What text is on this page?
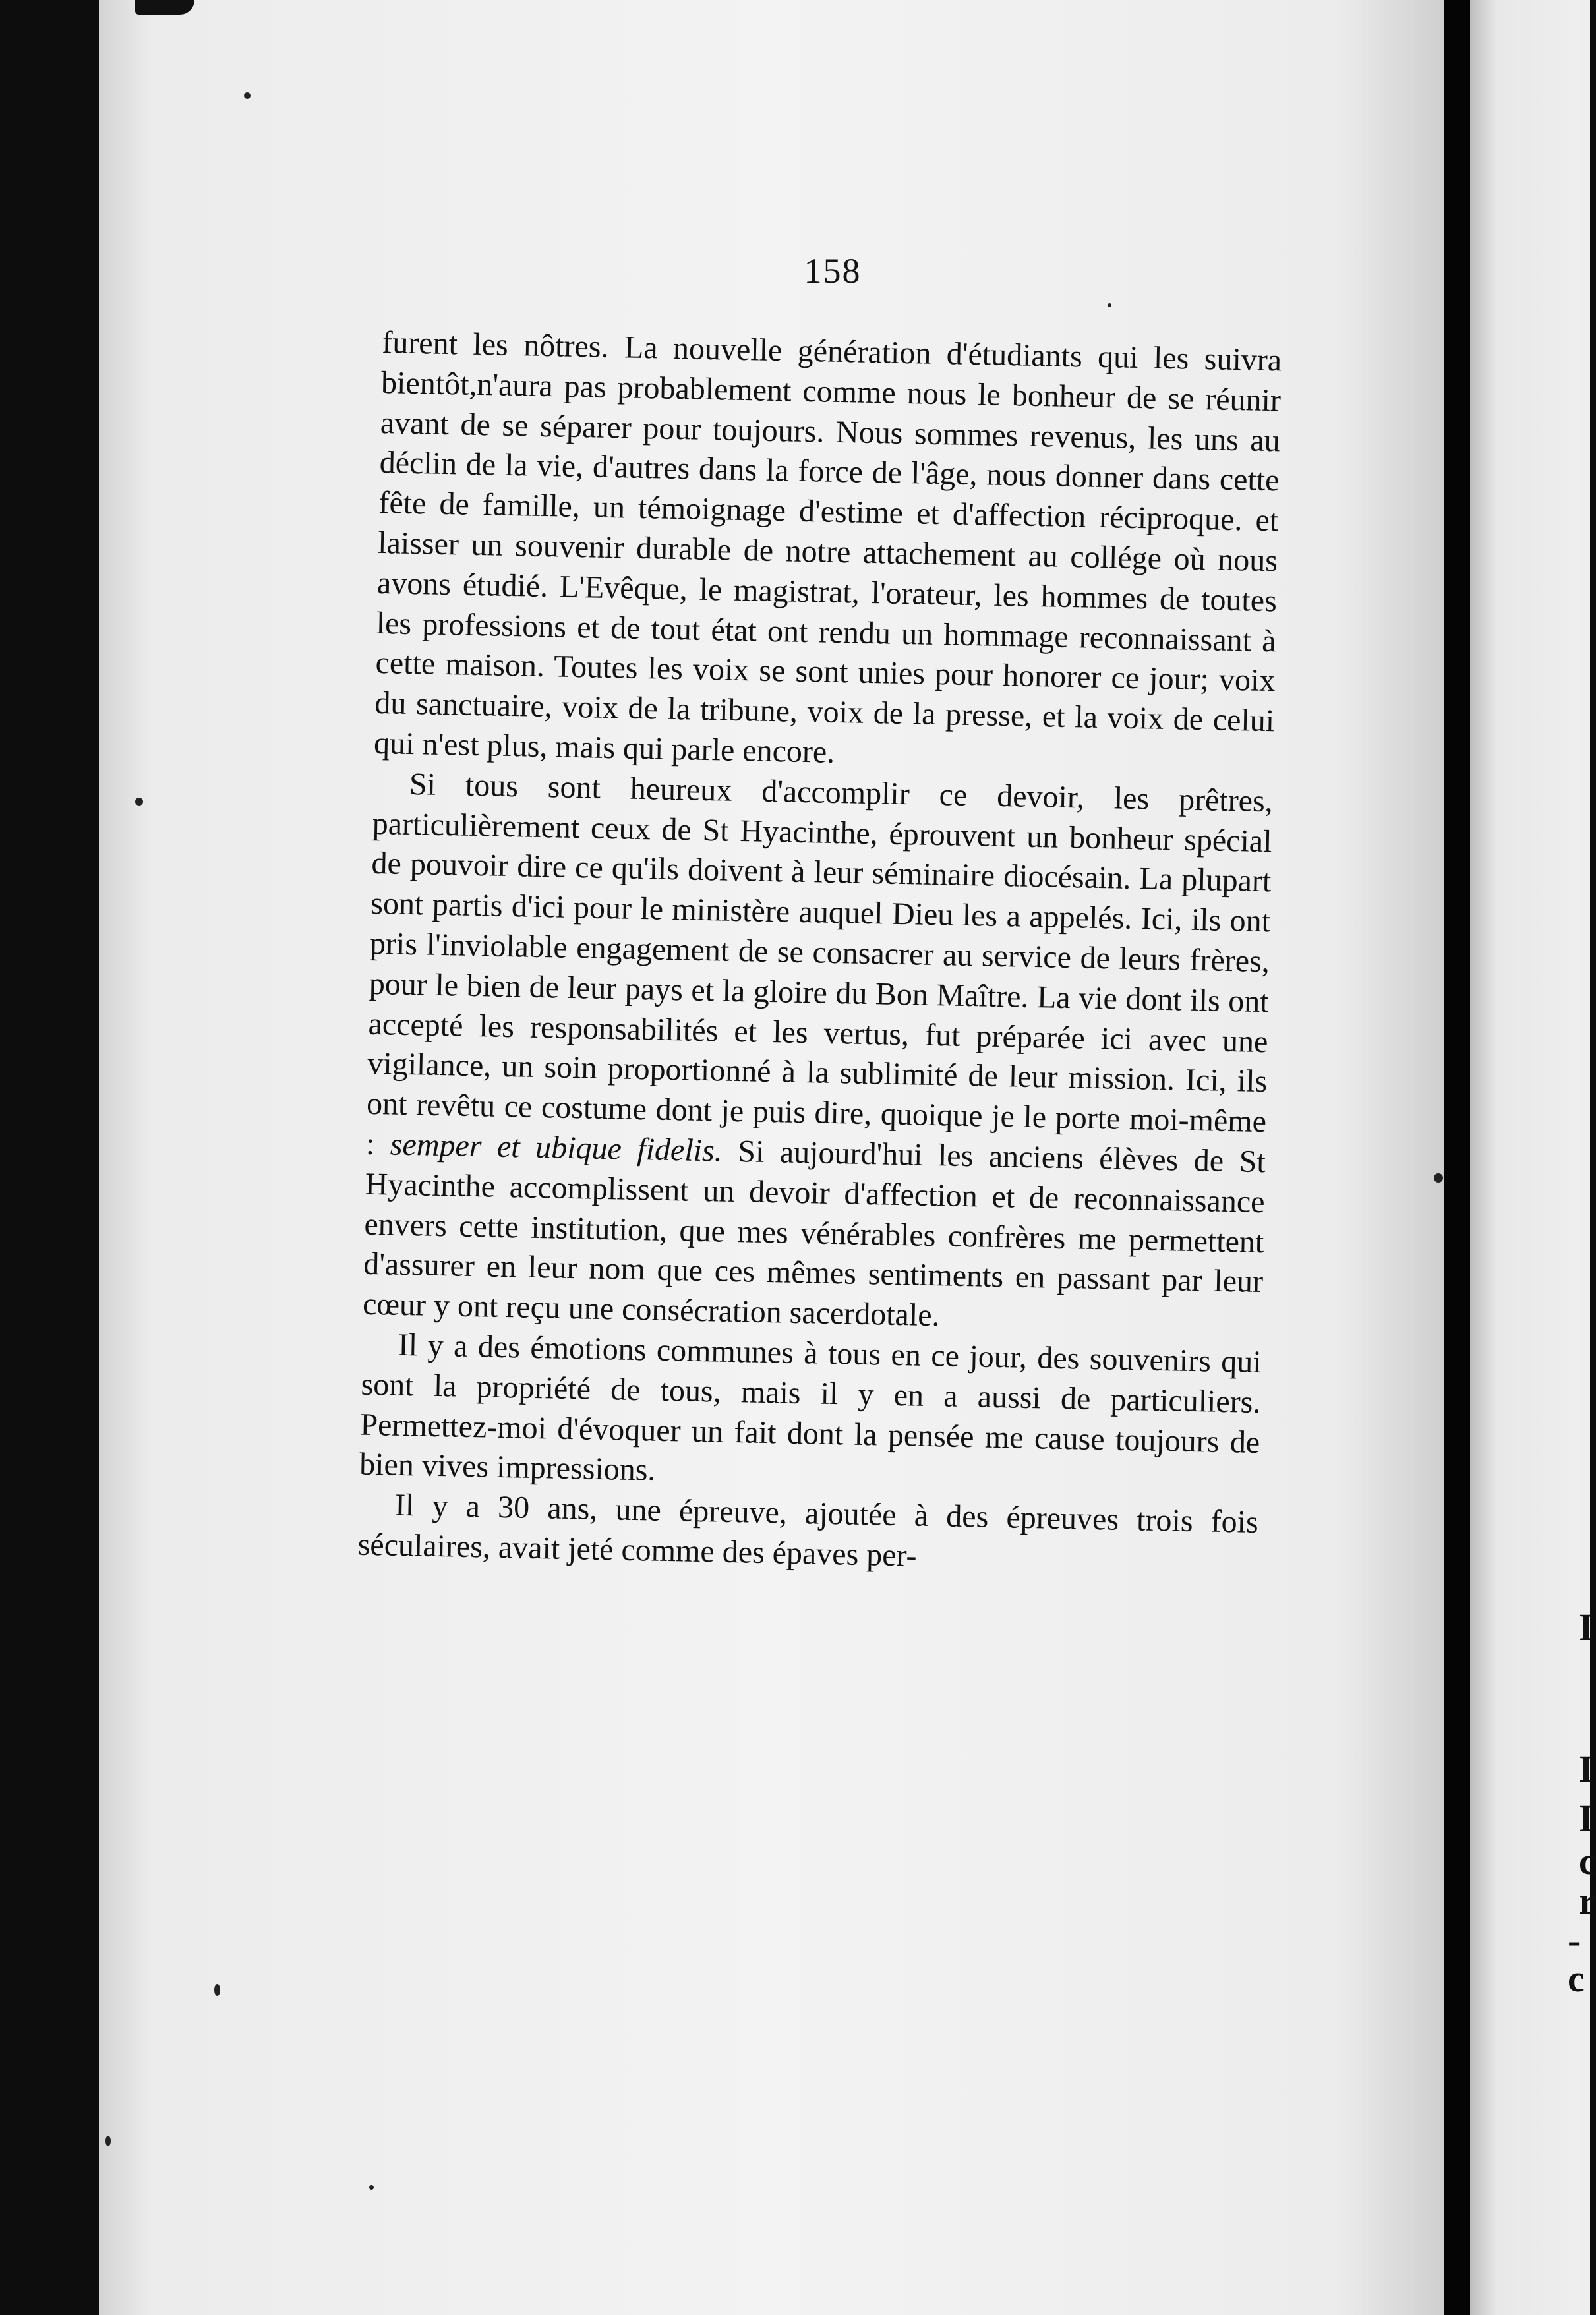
I
I
I
c
r
-c
158

furent les nôtres. La nouvelle génération d'étudiants qui les suivra bientôt,n'aura pas probablement comme nous le bonheur de se réunir avant de se séparer pour toujours. Nous sommes revenus, les uns au déclin de la vie, d'autres dans la force de l'âge, nous donner dans cette fête de famille, un témoignage d'estime et d'affection réciproque. et laisser un souvenir durable de notre attachement au collége où nous avons étudié. L'Evêque, le magistrat, l'orateur, les hommes de toutes les professions et de tout état ont rendu un hommage reconnaissant à cette maison. Toutes les voix se sont unies pour honorer ce jour; voix du sanctuaire, voix de la tribune, voix de la presse, et la voix de celui qui n'est plus, mais qui parle encore.

Si tous sont heureux d'accomplir ce devoir, les prêtres, particulièrement ceux de St Hyacinthe, éprouvent un bonheur spécial de pouvoir dire ce qu'ils doivent à leur séminaire diocésain. La plupart sont partis d'ici pour le ministère auquel Dieu les a appelés. Ici, ils ont pris l'inviolable engagement de se consacrer au service de leurs frères, pour le bien de leur pays et la gloire du Bon Maître. La vie dont ils ont accepté les responsabilités et les vertus, fut préparée ici avec une vigilance, un soin proportionné à la sublimité de leur mission. Ici, ils ont revêtu ce costume dont je puis dire, quoique je le porte moi-même : semper et ubique fidelis. Si aujourd'hui les anciens élèves de St Hyacinthe accomplissent un devoir d'affection et de reconnaissance envers cette institution, que mes vénérables confrères me permettent d'assurer en leur nom que ces mêmes sentiments en passant par leur cœur y ont reçu une consécration sacerdotale.

Il y a des émotions communes à tous en ce jour, des souvenirs qui sont la propriété de tous, mais il y en a aussi de particuliers. Permettez-moi d'évoquer un fait dont la pensée me cause toujours de bien vives impressions.

Il y a 30 ans, une épreuve, ajoutée à des épreuves trois fois séculaires, avait jeté comme des épaves per-
